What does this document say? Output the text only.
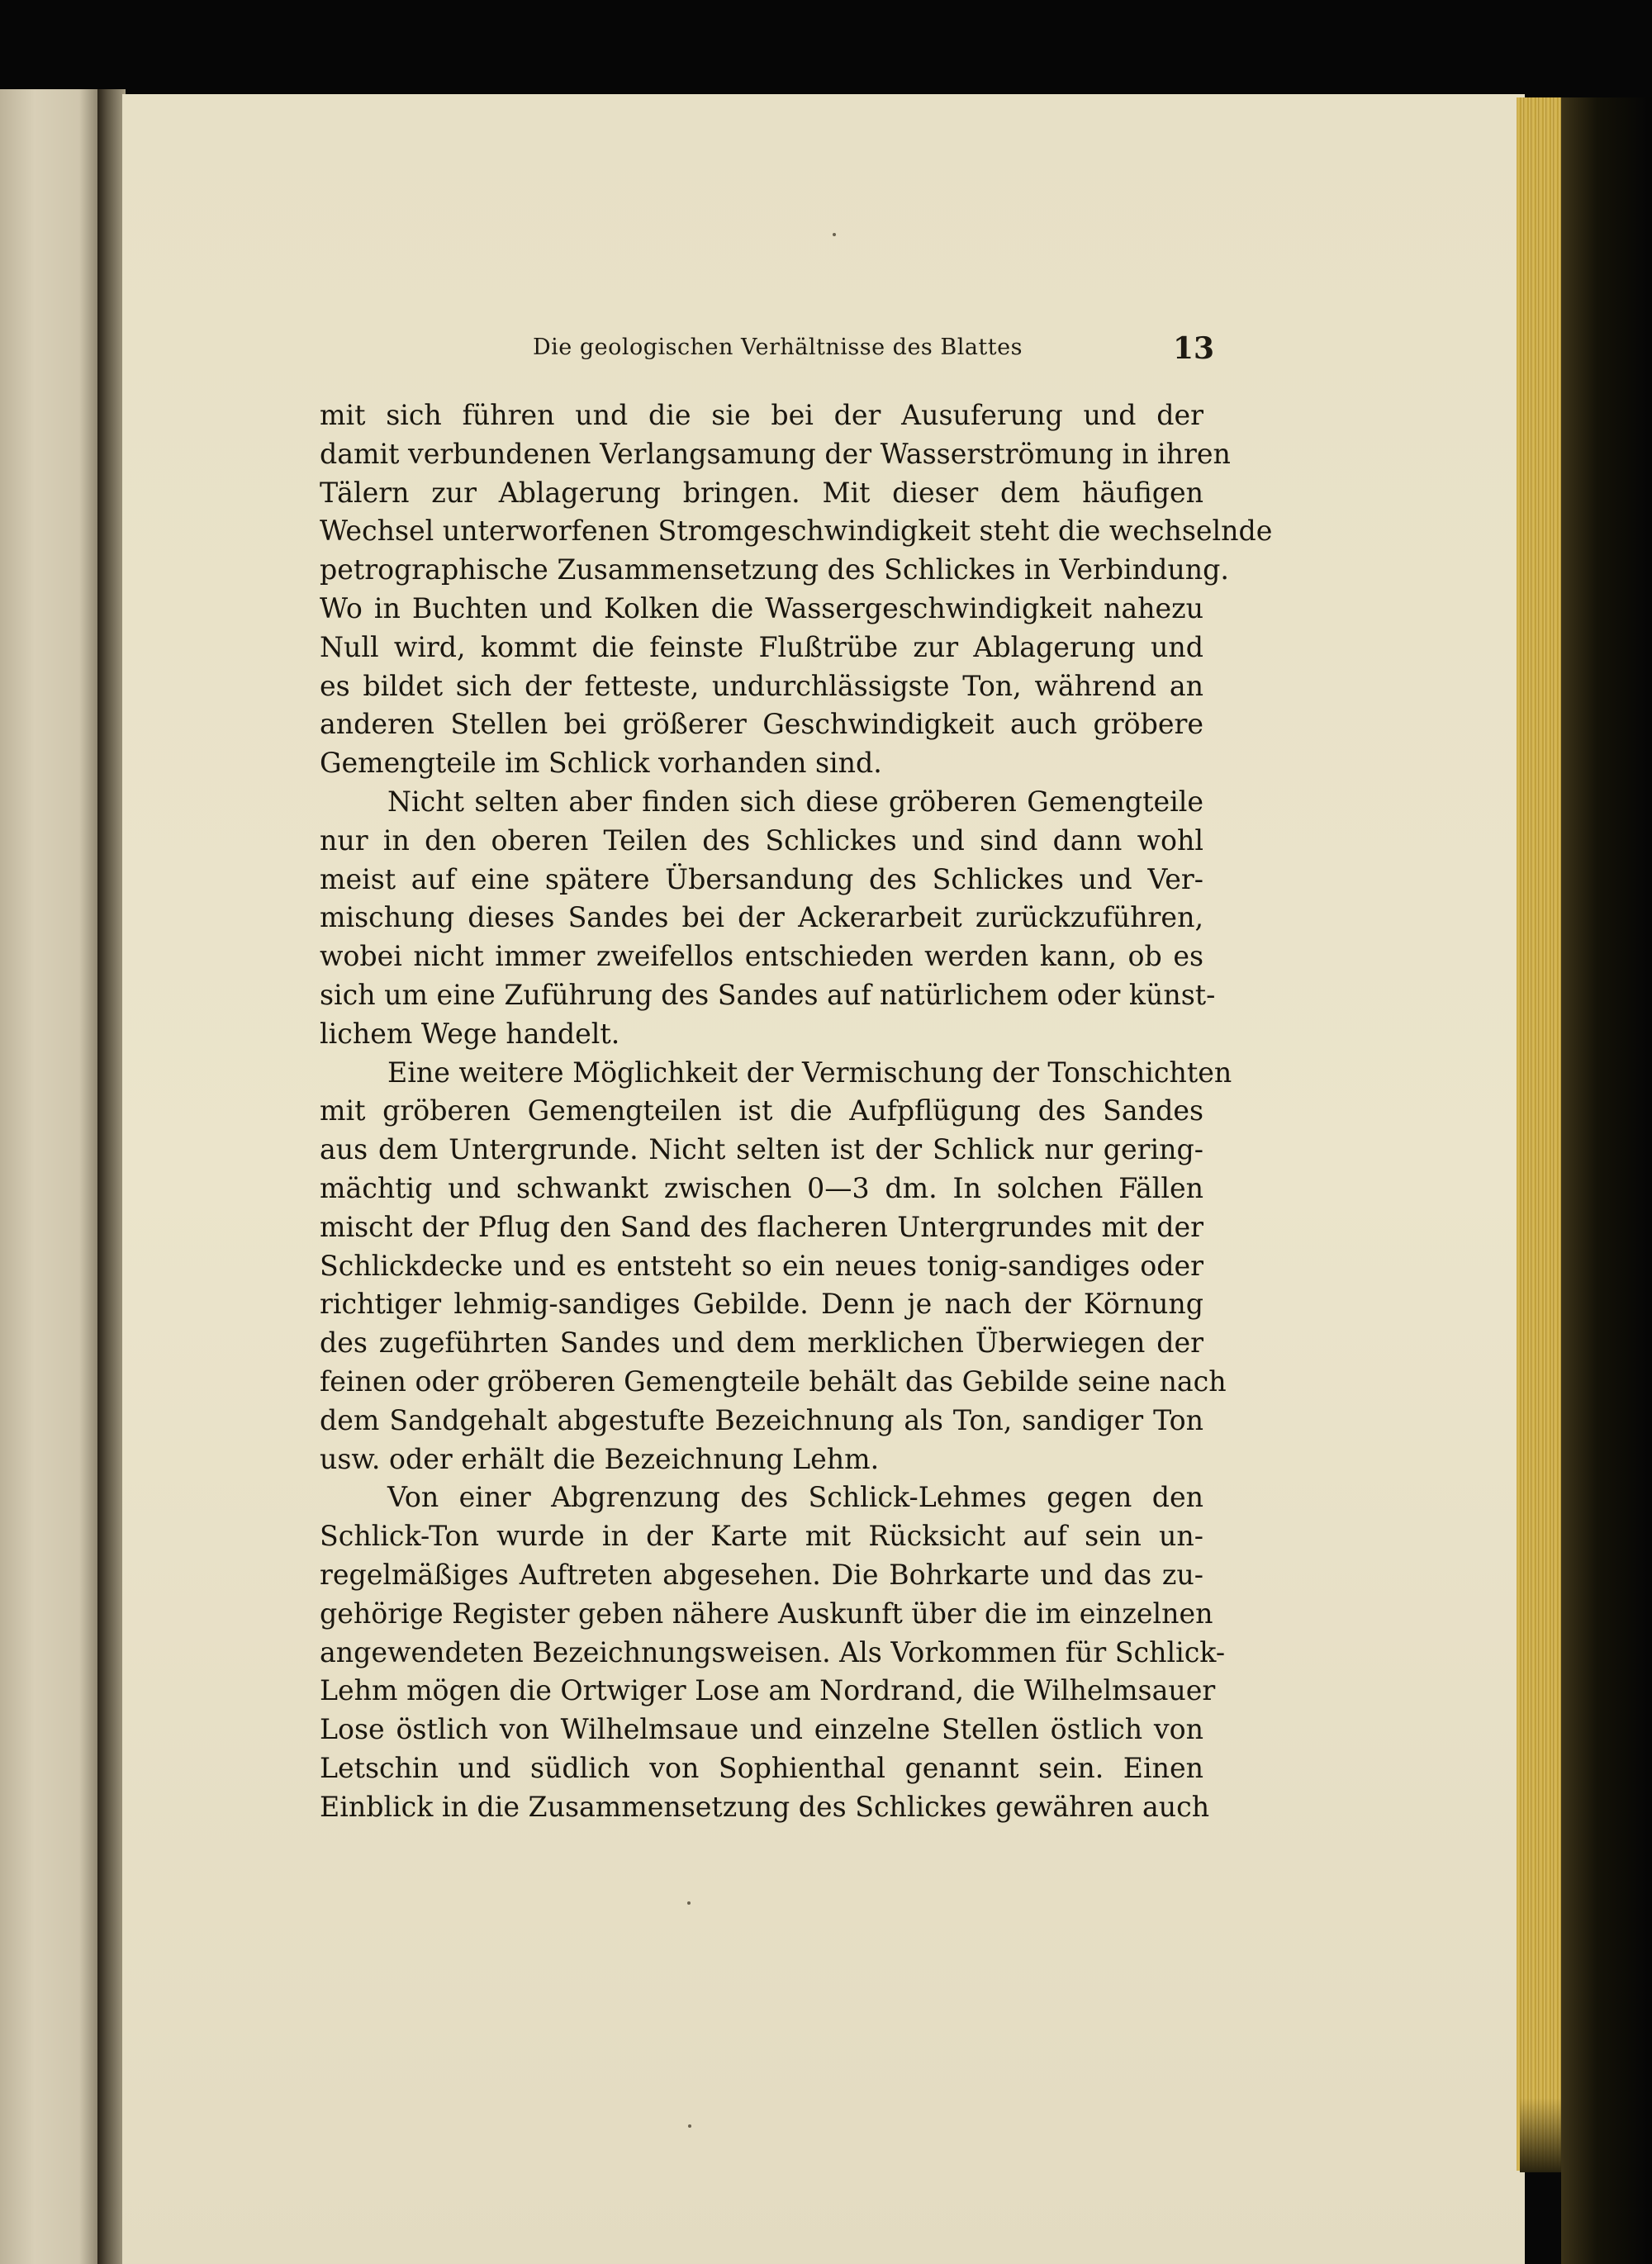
Die geologischen Verhältnisse des Blattes	13
mit sich führen und die sie bei der Ausuferung und der
damit verbundenen Verlangsamung der Wasserströmung in ihren
Tälern zur Ablagerung bringen. Mit dieser dem häufigen
Wechsel unterworfenen Stromgeschwindigkeit steht die wechselnde
petrographische Zusammensetzung des Schlickes in Verbindung.
Wo in Buchten und Kolken die Wassergeschwindigkeit nahezu
Null wird, kommt die feinste Flußtrübe zur Ablagerung und
es bildet sich der fetteste, undurchlässigste Ton, während an
anderen Stellen bei größerer Geschwindigkeit auch gröbere
Gemengteile im Schlick vorhanden sind.
Nicht selten aber finden sich diese gröberen Gemengteile
nur in den oberen Teilen des Schlickes und sind dann wohl
meist auf eine spätere Übersandung des Schlickes und Ver-
mischung dieses Sandes bei der Ackerarbeit zurückzuführen,
wobei nicht immer zweifellos entschieden werden kann, ob es
sich um eine Zuführung des Sandes auf natürlichem oder künst-
lichem Wege handelt.
Eine weitere Möglichkeit der Vermischung der Tonschichten
mit gröberen Gemengteilen ist die Aufpflügung des Sandes
aus dem Untergrunde. Nicht selten ist der Schlick nur gering-
mächtig und schwankt zwischen 0—3 dm. In solchen Fällen
mischt der Pflug den Sand des flacheren Untergrundes mit der
Schlickdecke und es entsteht so ein neues tonig-sandiges oder
richtiger lehmig-sandiges Gebilde. Denn je nach der Körnung
des zugeführten Sandes und dem merklichen Überwiegen der
feinen oder gröberen Gemengteile behält das Gebilde seine nach
dem Sandgehalt abgestufte Bezeichnung als Ton, sandiger Ton
usw. oder erhält die Bezeichnung Lehm.
Von einer Abgrenzung des Schlick-Lehmes gegen den
Schlick-Ton wurde in der Karte mit Rücksicht auf sein un-
regelmäßiges Auftreten abgesehen. Die Bohrkarte und das zu-
gehörige Register geben nähere Auskunft über die im einzelnen
angewendeten Bezeichnungsweisen. Als Vorkommen für Schlick-
Lehm mögen die Ortwiger Lose am Nordrand, die Wilhelmsauer
Lose östlich von Wilhelmsaue und einzelne Stellen östlich von
Letschin und südlich von Sophienthal genannt sein. Einen
Einblick in die Zusammensetzung des Schlickes gewähren auch
